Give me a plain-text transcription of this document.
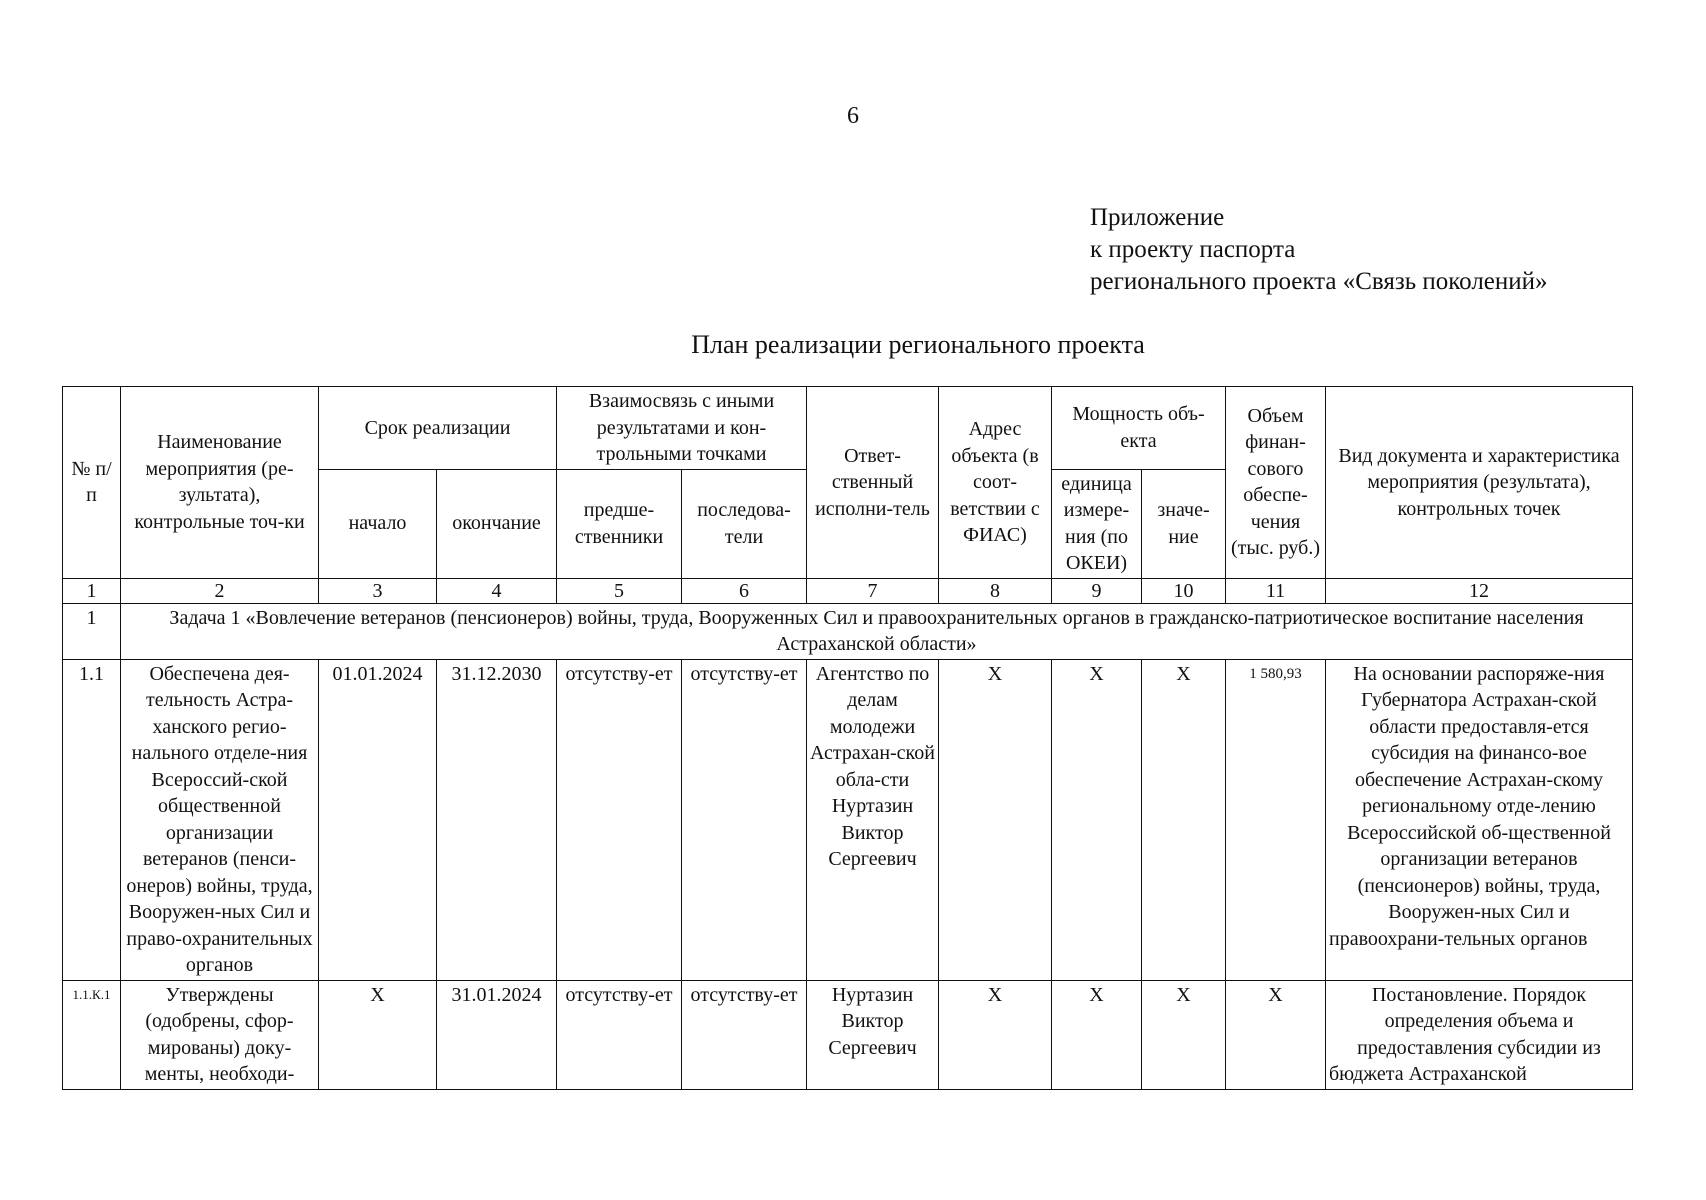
6
Приложение
к проекту паспорта
регионального проекта «Связь поколений»
План реализации регионального проекта
№ п/п	Наименование мероприятия (ре-зультата), контрольные точ-ки	Срок реализации		Взаимосвязь с иными результатами и кон-трольными точками		Ответ-ственный исполни-тель	Адрес объекта (в соот-ветствии с ФИАС)	Мощность объ-екта		Объем финан-сового обеспе-чения (тыс. руб.)	Вид документа и характеристика мероприятия (результата), контрольных точек
		начало	окончание	предше-ственники	последова-тели			единица измере-ния (по ОКЕИ)	значе-ние		
1	2	3	4	5	6	7	8	9	10	11	12
1	Задача 1 «Вовлечение ветеранов (пенсионеров) войны, труда, Вооруженных Сил и правоохранительных органов в гражданско-патриотическое воспитание населения Астраханской области»										
1.1	Обеспечена дея-тельность Астра-ханского регио-нального отделе-ния Всероссий-ской общественной организации ветеранов (пенси-онеров) войны, труда, Вооружен-ных Сил и право-охранительных органов	01.01.2024	31.12.2030	отсутству-ет	отсутству-ет	Агентство по делам молодежи Астрахан-ской обла-сти Нуртазин Виктор Сергеевич	X	X	X	1 580,93	На основании распоряже-ния Губернатора Астрахан-ской области предоставля-ется субсидия на финансо-вое обеспечение Астрахан-скому региональному отде-лению Всероссийской об-щественной организации ветеранов (пенсионеров) войны, труда, Вооружен-ных Сил и правоохрани-тельных органов
1.1.К.1	Утверждены (одобрены, сфор-мированы) доку-менты, необходи-	X	31.01.2024	отсутству-ет	отсутству-ет	Нуртазин Виктор Сергеевич	X	X	X	X	Постановление. Порядок определения объема и предоставления субсидии из бюджета Астраханской
